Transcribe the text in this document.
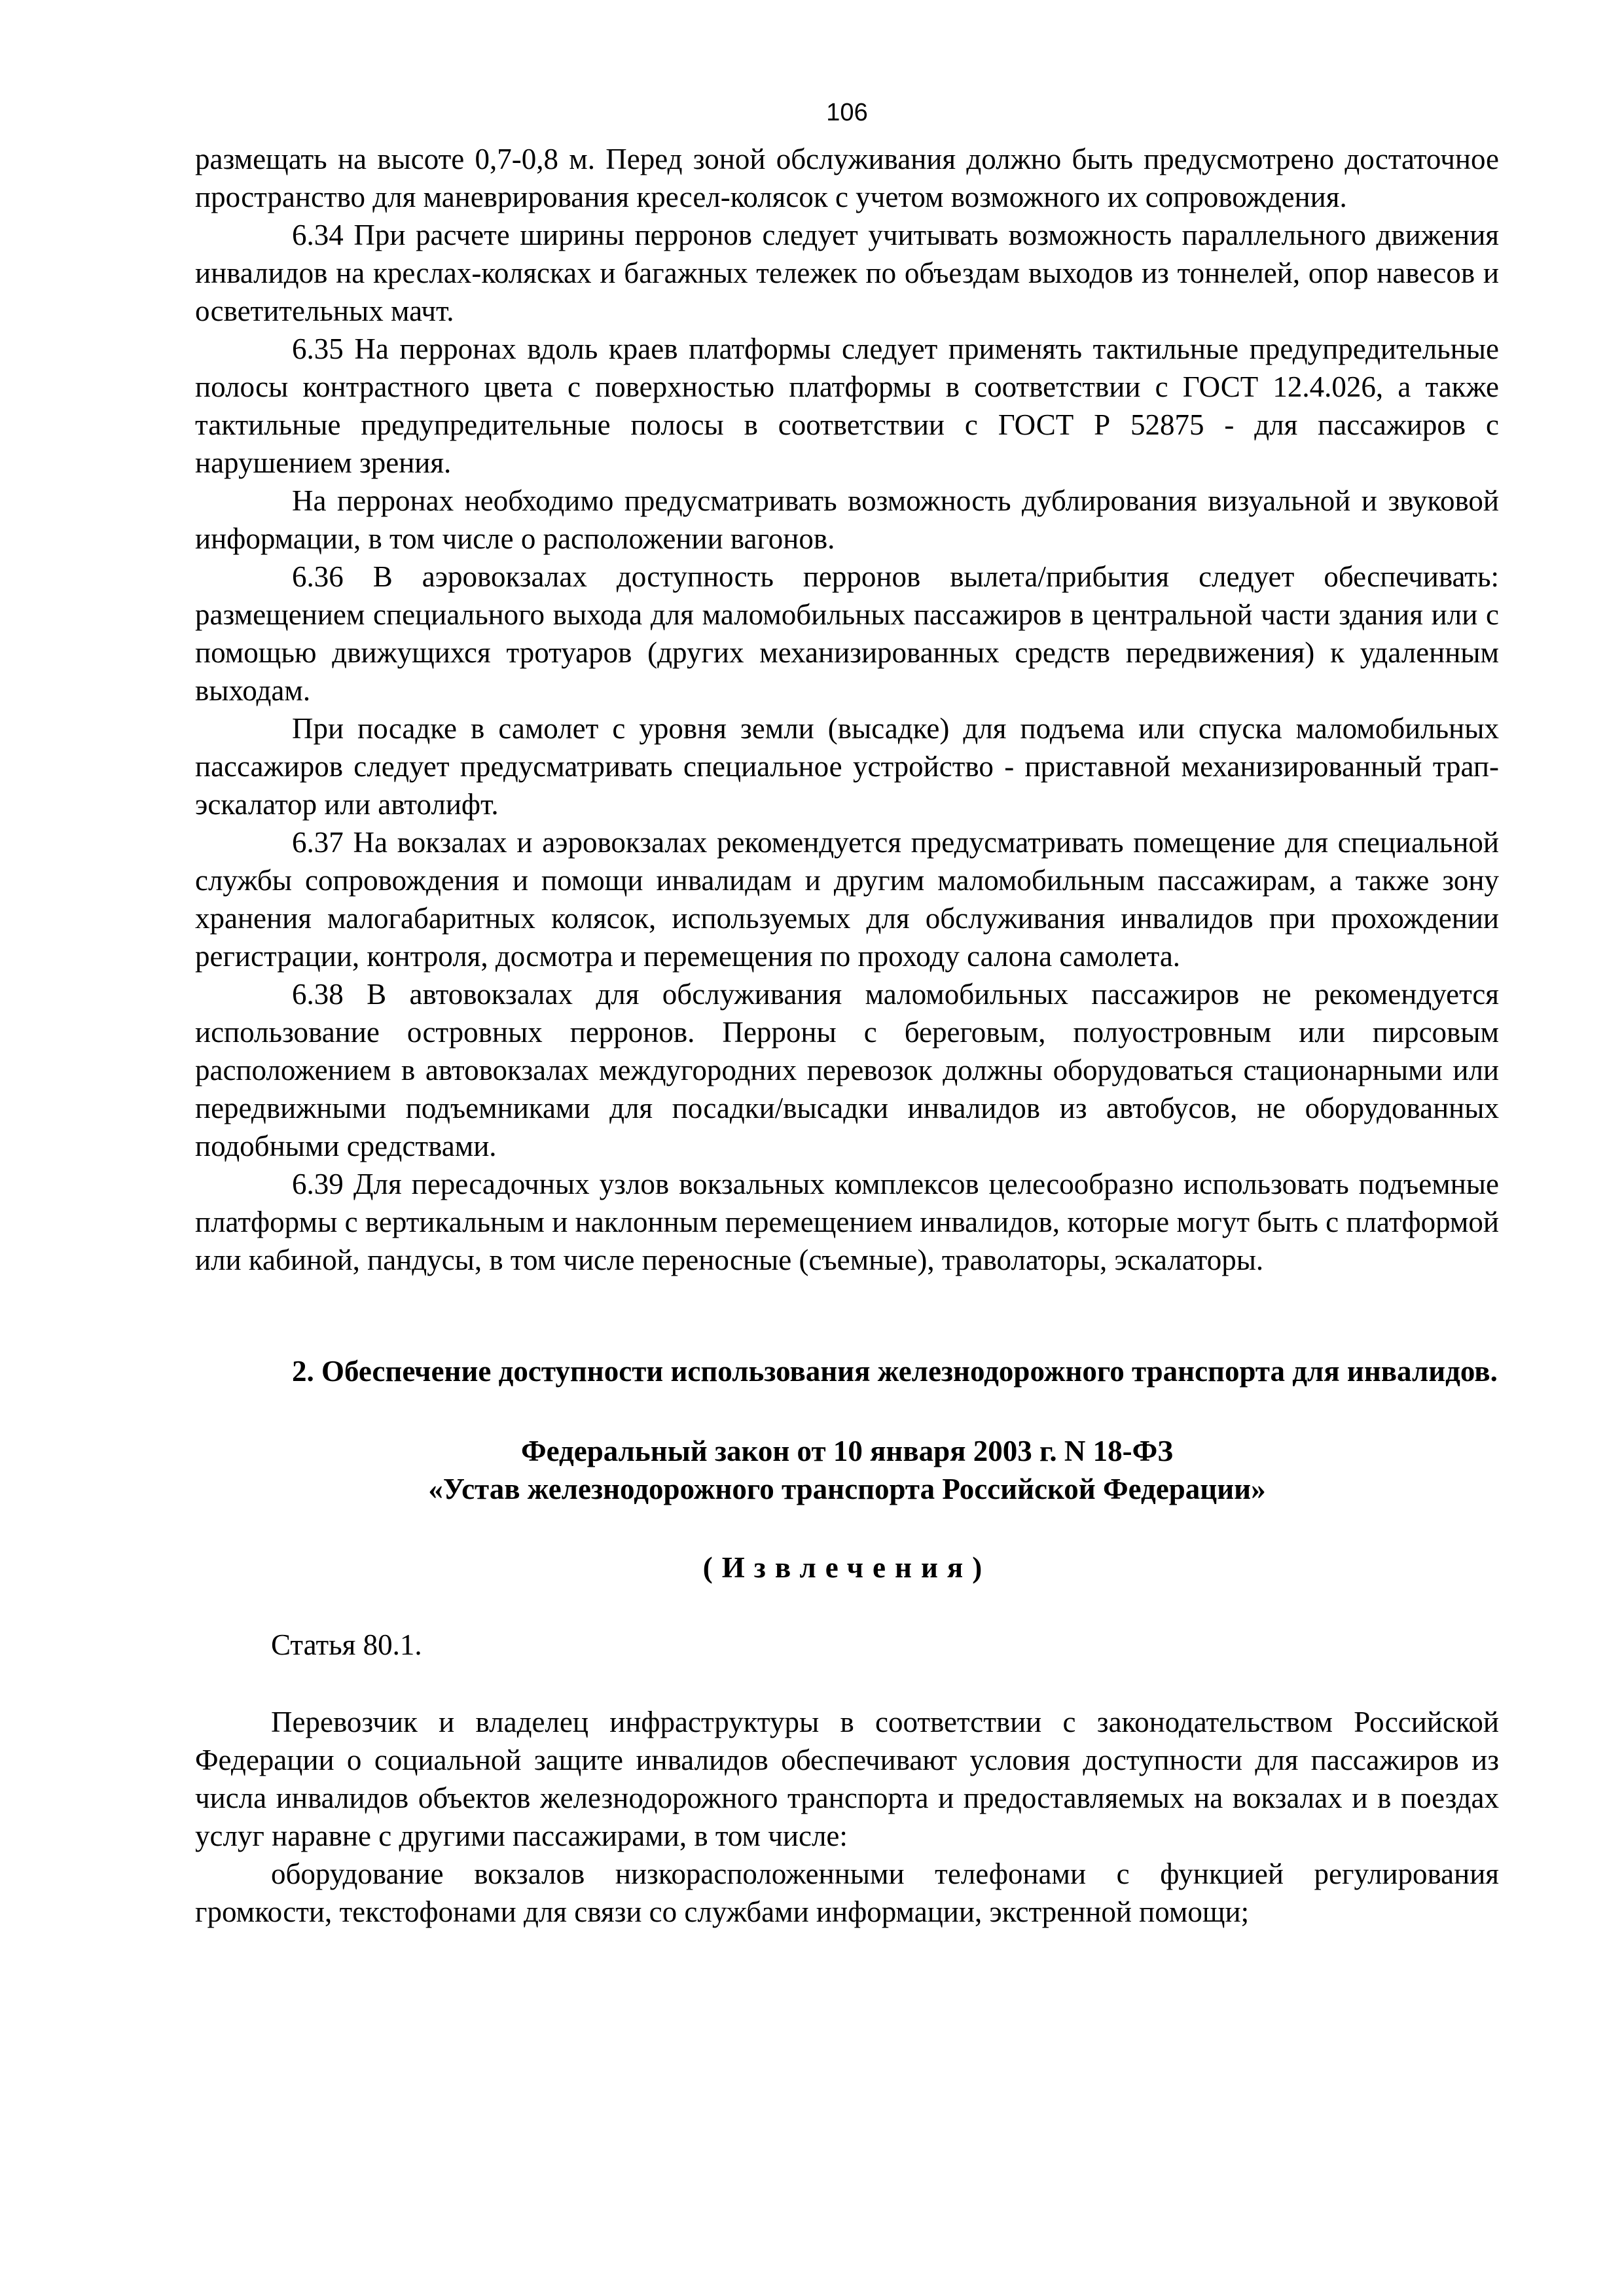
106

размещать на высоте 0,7-0,8 м. Перед зоной обслуживания должно быть предусмотрено достаточное пространство для маневрирования кресел-колясок с учетом возможного их сопровождения.

6.34 При расчете ширины перронов следует учитывать возможность параллельного движения инвалидов на креслах-колясках и багажных тележек по объездам выходов из тоннелей, опор навесов и осветительных мачт.

6.35 На перронах вдоль краев платформы следует применять тактильные предупредительные полосы контрастного цвета с поверхностью платформы в соответствии с ГОСТ 12.4.026, а также тактильные предупредительные полосы в соответствии с ГОСТ Р 52875 - для пассажиров с нарушением зрения.

На перронах необходимо предусматривать возможность дублирования визуальной и звуковой информации, в том числе о расположении вагонов.

6.36 В аэровокзалах доступность перронов вылета/прибытия следует обеспечивать: размещением специального выхода для маломобильных пассажиров в центральной части здания или с помощью движущихся тротуаров (других механизированных средств передвижения) к удаленным выходам.

При посадке в самолет с уровня земли (высадке) для подъема или спуска маломобильных пассажиров следует предусматривать специальное устройство - приставной механизированный трап-эскалатор или автолифт.

6.37 На вокзалах и аэровокзалах рекомендуется предусматривать помещение для специальной службы сопровождения и помощи инвалидам и другим маломобильным пассажирам, а также зону хранения малогабаритных колясок, используемых для обслуживания инвалидов при прохождении регистрации, контроля, досмотра и перемещения по проходу салона самолета.

6.38 В автовокзалах для обслуживания маломобильных пассажиров не рекомендуется использование островных перронов. Перроны с береговым, полуостровным или пирсовым расположением в автовокзалах междугородних перевозок должны оборудоваться стационарными или передвижными подъемниками для посадки/высадки инвалидов из автобусов, не оборудованных подобными средствами.

6.39 Для пересадочных узлов вокзальных комплексов целесообразно использовать подъемные платформы с вертикальным и наклонным перемещением инвалидов, которые могут быть с платформой или кабиной, пандусы, в том числе переносные (съемные), траволаторы, эскалаторы.

2. Обеспечение доступности использования железнодорожного транспорта для инвалидов.

Федеральный закон от 10 января 2003 г. N 18-ФЗ
«Устав железнодорожного транспорта Российской Федерации»
(Извлечения)

Статья 80.1.

Перевозчик и владелец инфраструктуры в соответствии с законодательством Российской Федерации о социальной защите инвалидов обеспечивают условия доступности для пассажиров из числа инвалидов объектов железнодорожного транспорта и предоставляемых на вокзалах и в поездах услуг наравне с другими пассажирами, в том числе:

оборудование вокзалов низкорасположенными телефонами с функцией регулирования громкости, текстофонами для связи со службами информации, экстренной помощи;
